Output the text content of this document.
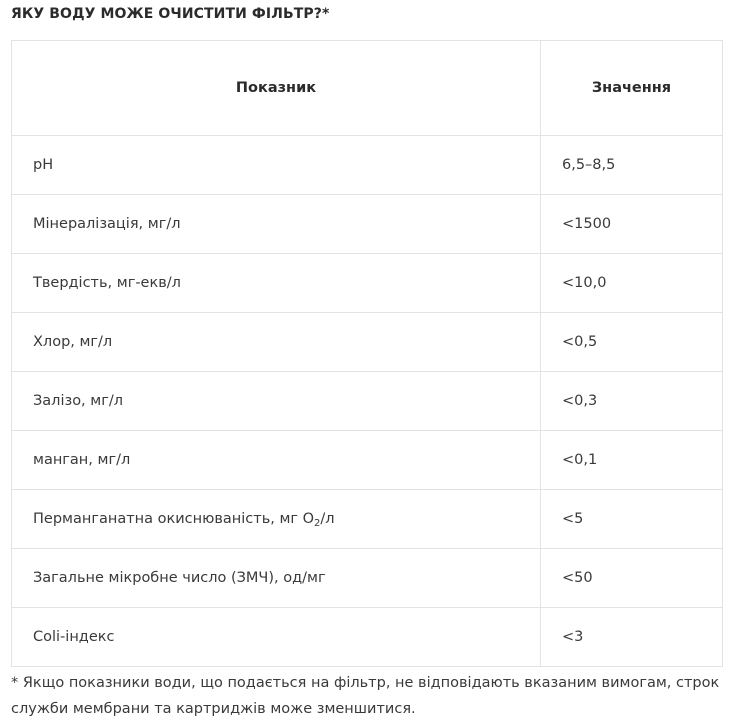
ЯКУ ВОДУ МОЖЕ ОЧИСТИТИ ФІЛЬТР?*
Показник	Значення
pH	6,5–8,5
Мінералізація, мг/л	<1500
Твердість, мг-екв/л	<10,0
Хлор, мг/л	<0,5
Залізо, мг/л	<0,3
манган, мг/л	<0,1
Перманганатна окиснюваність, мг $O_2/л$	<5
Загальне мікробне число (ЗМЧ), од/мг	<50
Coli-індекс	<3
* Якщо показники води, що подається на фільтр, не відповідають вказаним вимогам, строк служби мембрани та картриджів може зменшитися.
